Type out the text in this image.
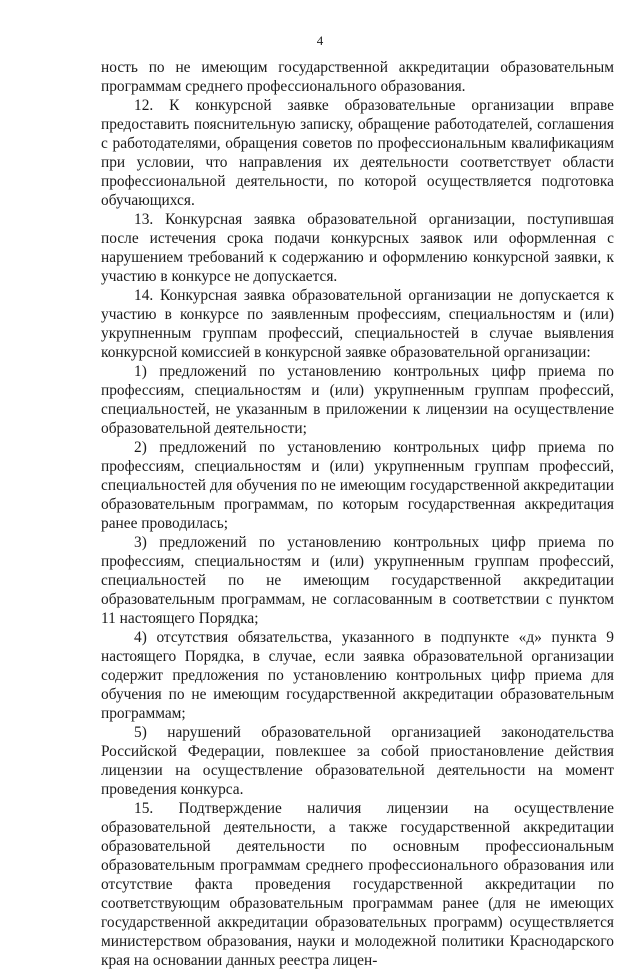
4

ность по не имеющим государственной аккредитации образовательным программам среднего профессионального образования.

12. К конкурсной заявке образовательные организации вправе предоставить пояснительную записку, обращение работодателей, соглашения с работодателями, обращения советов по профессиональным квалификациям при условии, что направления их деятельности соответствует области профессиональной деятельности, по которой осуществляется подготовка обучающихся.

13. Конкурсная заявка образовательной организации, поступившая после истечения срока подачи конкурсных заявок или оформленная с нарушением требований к содержанию и оформлению конкурсной заявки, к участию в конкурсе не допускается.

14. Конкурсная заявка образовательной организации не допускается к участию в конкурсе по заявленным профессиям, специальностям и (или) укрупненным группам профессий, специальностей в случае выявления конкурсной комиссией в конкурсной заявке образовательной организации:

1) предложений по установлению контрольных цифр приема по профессиям, специальностям и (или) укрупненным группам профессий, специальностей, не указанным в приложении к лицензии на осуществление образовательной деятельности;

2) предложений по установлению контрольных цифр приема по профессиям, специальностям и (или) укрупненным группам профессий, специальностей для обучения по не имеющим государственной аккредитации образовательным программам, по которым государственная аккредитация ранее проводилась;

3) предложений по установлению контрольных цифр приема по профессиям, специальностям и (или) укрупненным группам профессий, специальностей по не имеющим государственной аккредитации образовательным программам, не согласованным в соответствии с пунктом 11 настоящего Порядка;

4) отсутствия обязательства, указанного в подпункте «д» пункта 9 настоящего Порядка, в случае, если заявка образовательной организации содержит предложения по установлению контрольных цифр приема для обучения по не имеющим государственной аккредитации образовательным программам;

5) нарушений образовательной организацией законодательства Российской Федерации, повлекшее за собой приостановление действия лицензии на осуществление образовательной деятельности на момент проведения конкурса.

15. Подтверждение наличия лицензии на осуществление образовательной деятельности, а также государственной аккредитации образовательной деятельности по основным профессиональным образовательным программам среднего профессионального образования или отсутствие факта проведения государственной аккредитации по соответствующим образовательным программам ранее (для не имеющих государственной аккредитации образовательных программ) осуществляется министерством образования, науки и молодежной политики Краснодарского края на основании данных реестра лицен-
